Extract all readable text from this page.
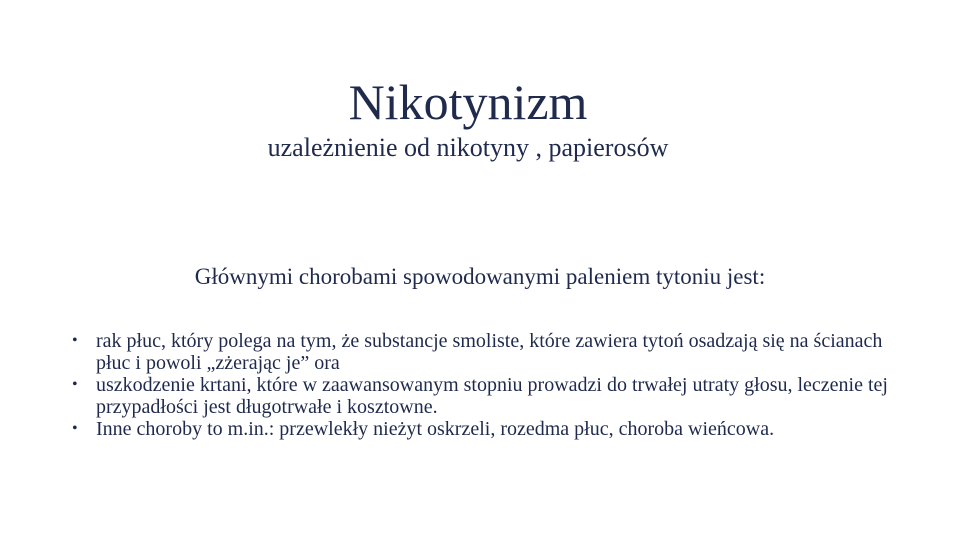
Nikotynizm
uzależnienie od nikotyny , papierosów
Głównymi chorobami spowodowanymi paleniem tytoniu jest:
• rak płuc, który polega na tym, że substancje smoliste, które zawiera tytoń osadzają się na ścianach płuc i powoli „zżerając je” ora
• uszkodzenie krtani, które w zaawansowanym stopniu prowadzi do trwałej utraty głosu, leczenie tej przypadłości jest długotrwałe i kosztowne.
• Inne choroby to m.in.: przewlekły nieżyt oskrzeli, rozedma płuc, choroba wieńcowa.
